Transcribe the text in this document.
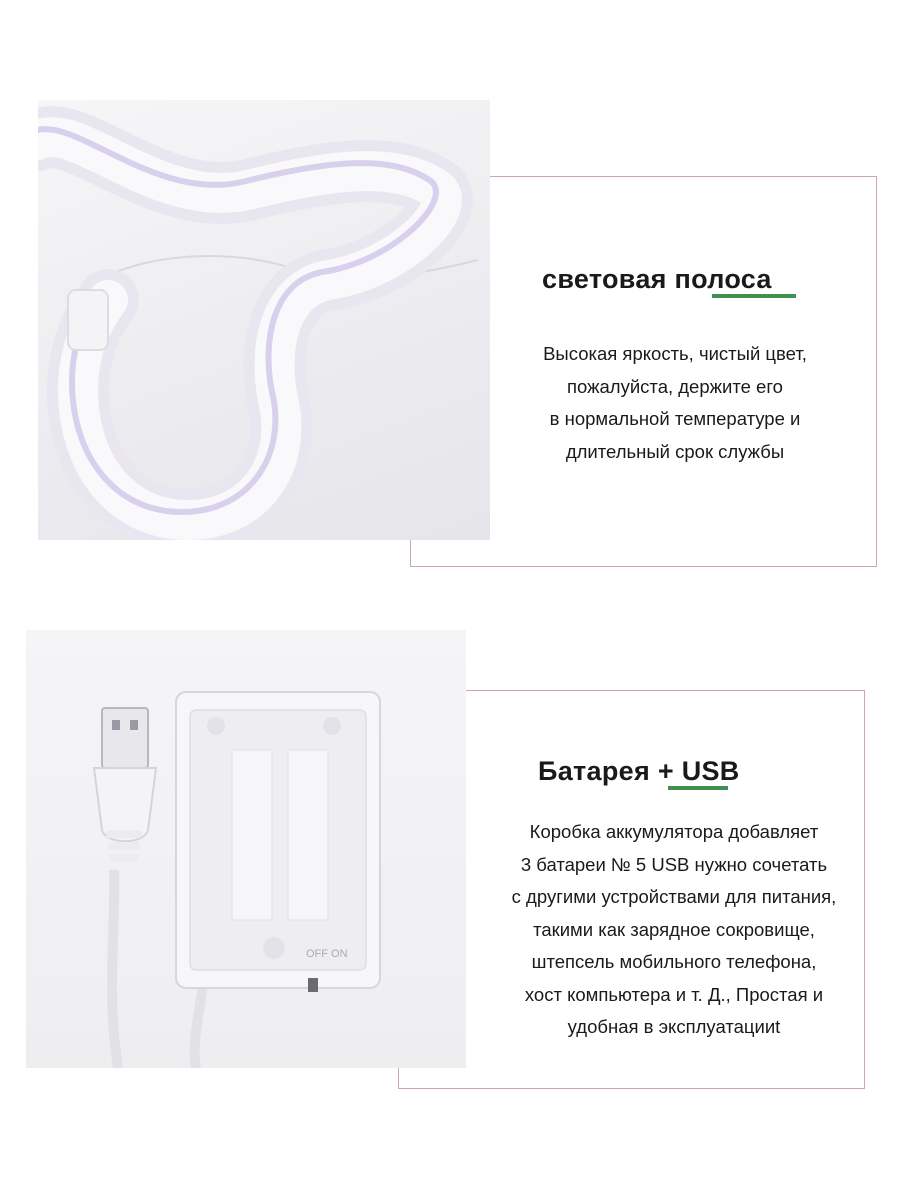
световая полоса
Высокая яркость, чистый цвет,
пожалуйста, держите его
в нормальной температуре и
длительный срок службы
OFF ON
Батарея + USB
Коробка аккумулятора добавляет
3 батареи № 5 USB нужно сочетать
с другими устройствами для питания,
такими как зарядное сокровище,
штепсель мобильного телефона,
хост компьютера и т. Д., Простая и
удобная в эксплуатацииt
